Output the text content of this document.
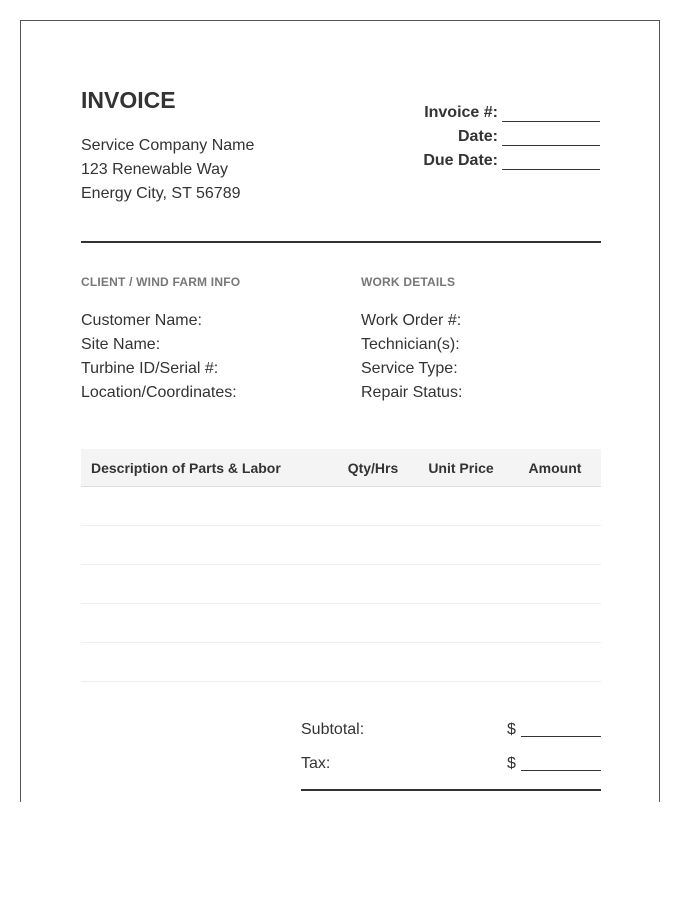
INVOICE
Service Company Name
123 Renewable Way
Energy City, ST 56789
Invoice #:
Date:
Due Date:
CLIENT / WIND FARM INFO
Customer Name:
Site Name:
Turbine ID/Serial #:
Location/Coordinates:
WORK DETAILS
Work Order #:
Technician(s):
Service Type:
Repair Status:
Description of Parts & Labor	Qty/Hrs	Unit Price	Amount
Subtotal:	$
Tax:	$
